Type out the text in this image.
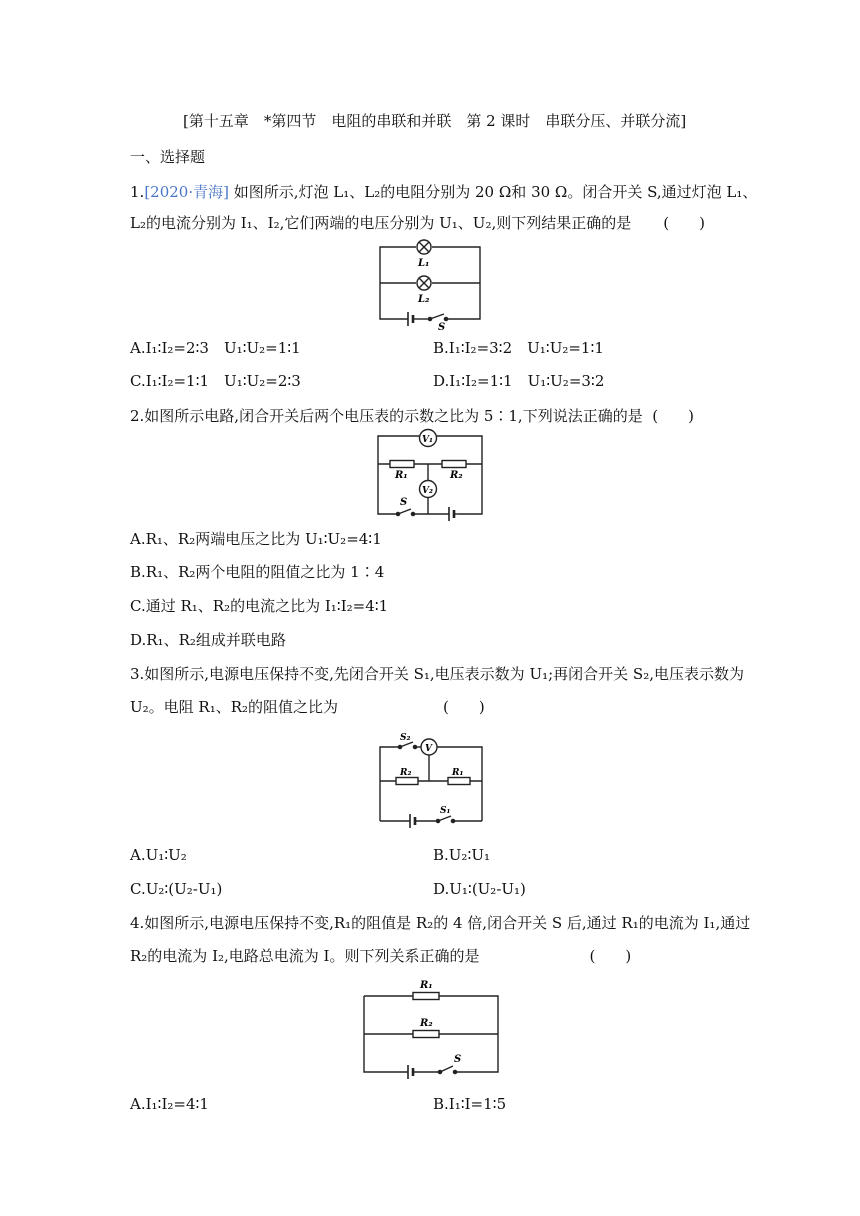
[第十五章　*第四节　电阻的串联和并联　第 2 课时　串联分压、并联分流]
一、选择题
1.[2020·青海] 如图所示,灯泡 L₁、L₂的电阻分别为 20 Ω和 30 Ω。闭合开关 S,通过灯泡 L₁、
L₂的电流分别为 I₁、I₂,它们两端的电压分别为 U₁、U₂,则下列结果正确的是 (　　)
L₁
L₂
S
A.I₁∶I₂=2∶3　U₁∶U₂=1∶1	B.I₁∶I₂=3∶2　U₁∶U₂=1∶1
C.I₁∶I₂=1∶1　U₁∶U₂=2∶3	D.I₁∶I₂=1∶1　U₁∶U₂=3∶2
2.如图所示电路,闭合开关后两个电压表的示数之比为 5∶1,下列说法正确的是 (　　)
V₁
V₂
R₁	R₂
S
A.R₁、R₂两端电压之比为 U₁∶U₂=4∶1
B.R₁、R₂两个电阻的阻值之比为 1∶4
C.通过 R₁、R₂的电流之比为 I₁∶I₂=4∶1
D.R₁、R₂组成并联电路
3.如图所示,电源电压保持不变,先闭合开关 S₁,电压表示数为 U₁;再闭合开关 S₂,电压表示数为
U₂。电阻 R₁、R₂的阻值之比为	(　　)
S₂
V
R₂	R₁
S₁
A.U₁∶U₂	B.U₂∶U₁
C.U₂∶(U₂-U₁)	D.U₁∶(U₂-U₁)
4.如图所示,电源电压保持不变,R₁的阻值是 R₂的 4 倍,闭合开关 S 后,通过 R₁的电流为 I₁,通过
R₂的电流为 I₂,电路总电流为 I。则下列关系正确的是	(　　)
R₁
R₂
S
A.I₁∶I₂=4∶1	B.I₁∶I=1∶5
